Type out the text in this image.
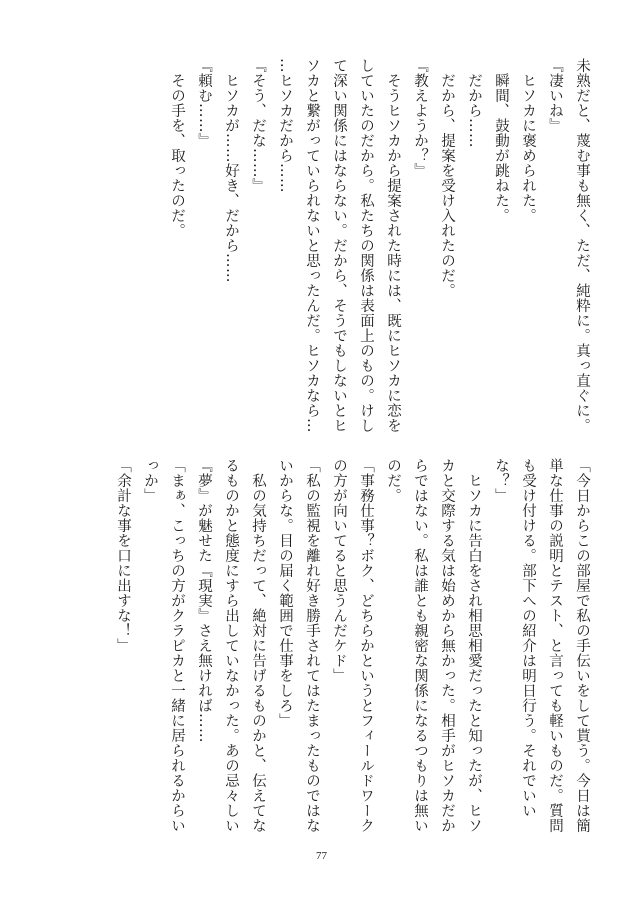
未熟だと、蔑む事も無く、ただ、純粋に。真っ直ぐに。

『凄いね』

　ヒソカに褒められた。

　瞬間、鼓動が跳ねた。

　だから……

　だから、提案を受け入れたのだ。

『教えようか？』

　そうヒソカから提案された時には、既にヒソカに恋を

していたのだから。私たちの関係は表面上のもの。けし

て深い関係にはならない。だから、そうでもしないとヒ

ソカと繋がっていられないと思ったんだ。ヒソカなら…

…ヒソカだから……

『そう、だな……』

　ヒソカが……好き、だから……

『頼む……』

　その手を、取ったのだ。

「今日からこの部屋で私の手伝いをして貰う。今日は簡

単な仕事の説明とテスト、と言っても軽いものだ。質問

も受け付ける。部下への紹介は明日行う。それでいい

な？」

　ヒソカに告白をされ相思相愛だったと知ったが、ヒソ

カと交際する気は始めから無かった。相手がヒソカだか

らではない。私は誰とも親密な関係になるつもりは無い

のだ。

「事務仕事？ボク、どちらかというとフィールドワーク

の方が向いてると思うんだケド」

「私の監視を離れ好き勝手されてはたまったものではな

いからな。目の届く範囲で仕事をしろ」

　私の気持ちだって、絶対に告げるものかと、伝えてな

るものかと態度にすら出していなかった。あの忌々しい

『夢』が魅せた『現実』さえ無ければ……

「まぁ、こっちの方がクラピカと一緒に居られるからい

っか」

「余計な事を口に出すな！」

77
